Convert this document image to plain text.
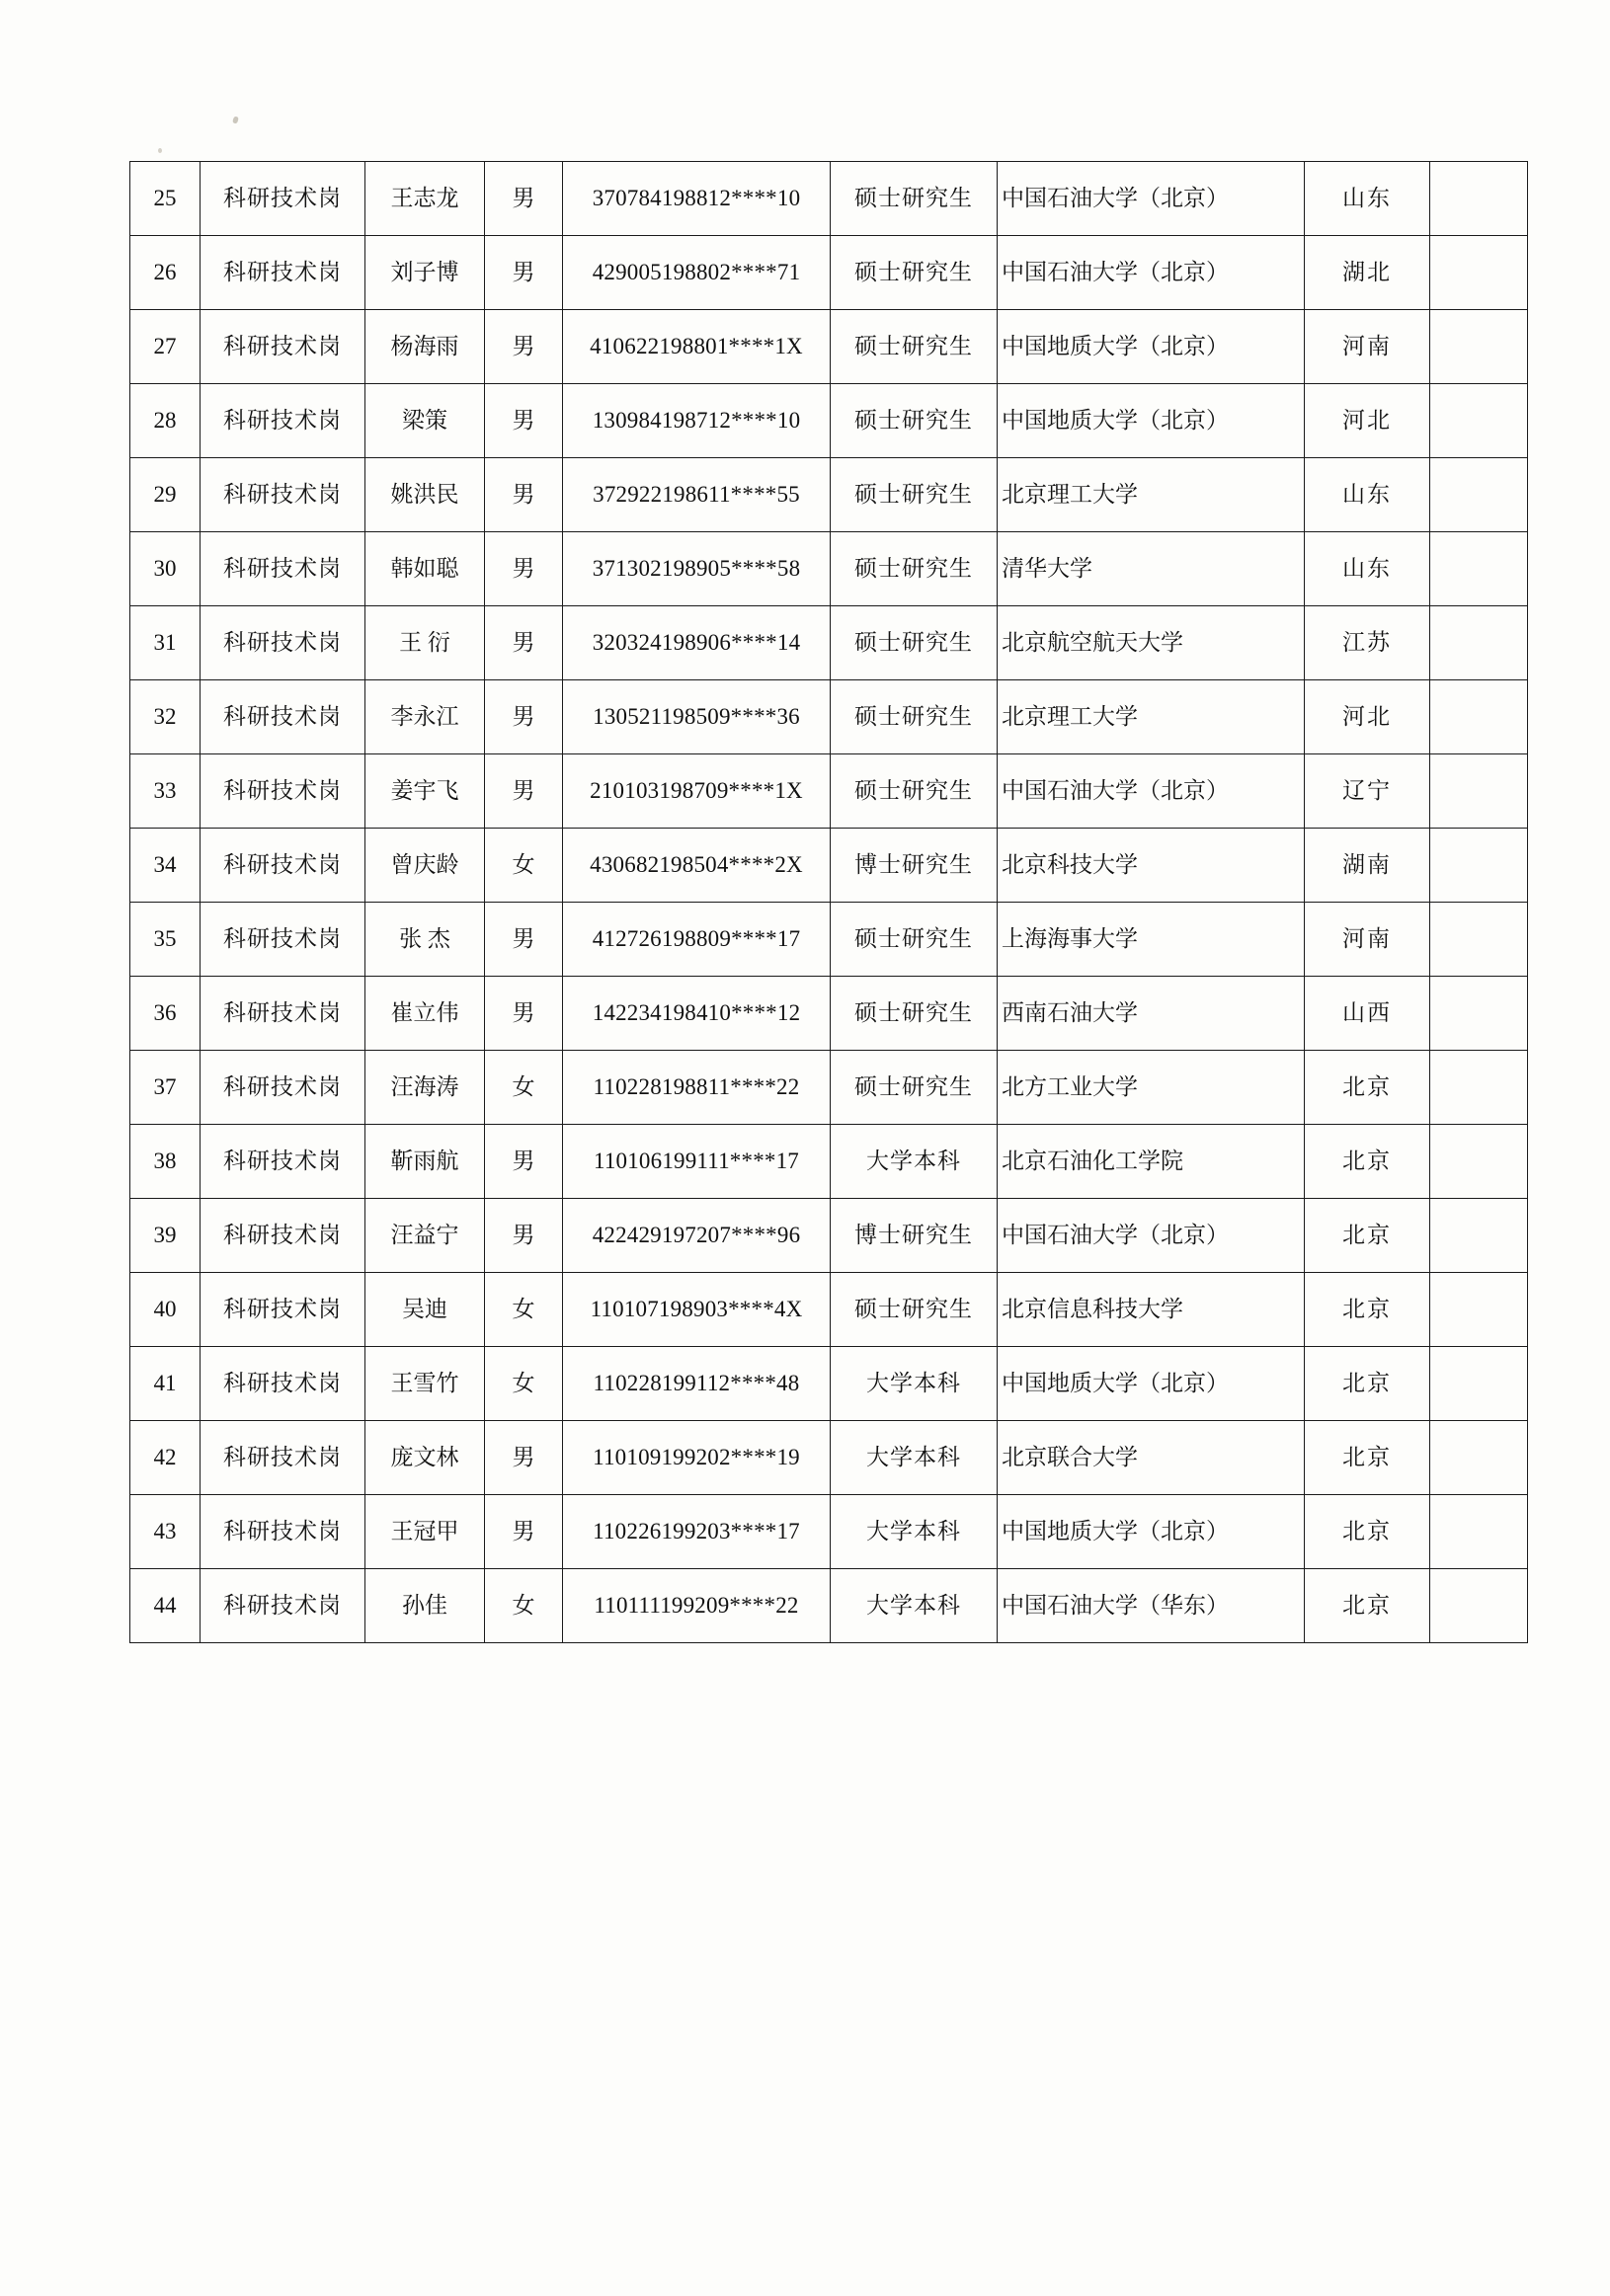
25	科研技术岗	王志龙	男	370784198812****10	硕士研究生	中国石油大学（北京）	山东	
26	科研技术岗	刘子博	男	429005198802****71	硕士研究生	中国石油大学（北京）	湖北	
27	科研技术岗	杨海雨	男	410622198801****1X	硕士研究生	中国地质大学（北京）	河南	
28	科研技术岗	梁策	男	130984198712****10	硕士研究生	中国地质大学（北京）	河北	
29	科研技术岗	姚洪民	男	372922198611****55	硕士研究生	北京理工大学	山东	
30	科研技术岗	韩如聪	男	371302198905****58	硕士研究生	清华大学	山东	
31	科研技术岗	王 衍	男	320324198906****14	硕士研究生	北京航空航天大学	江苏	
32	科研技术岗	李永江	男	130521198509****36	硕士研究生	北京理工大学	河北	
33	科研技术岗	姜宇飞	男	210103198709****1X	硕士研究生	中国石油大学（北京）	辽宁	
34	科研技术岗	曾庆龄	女	430682198504****2X	博士研究生	北京科技大学	湖南	
35	科研技术岗	张 杰	男	412726198809****17	硕士研究生	上海海事大学	河南	
36	科研技术岗	崔立伟	男	142234198410****12	硕士研究生	西南石油大学	山西	
37	科研技术岗	汪海涛	女	110228198811****22	硕士研究生	北方工业大学	北京	
38	科研技术岗	靳雨航	男	110106199111****17	大学本科	北京石油化工学院	北京	
39	科研技术岗	汪益宁	男	422429197207****96	博士研究生	中国石油大学（北京）	北京	
40	科研技术岗	吴迪	女	110107198903****4X	硕士研究生	北京信息科技大学	北京	
41	科研技术岗	王雪竹	女	110228199112****48	大学本科	中国地质大学（北京）	北京	
42	科研技术岗	庞文林	男	110109199202****19	大学本科	北京联合大学	北京	
43	科研技术岗	王冠甲	男	110226199203****17	大学本科	中国地质大学（北京）	北京	
44	科研技术岗	孙佳	女	110111199209****22	大学本科	中国石油大学（华东）	北京	
